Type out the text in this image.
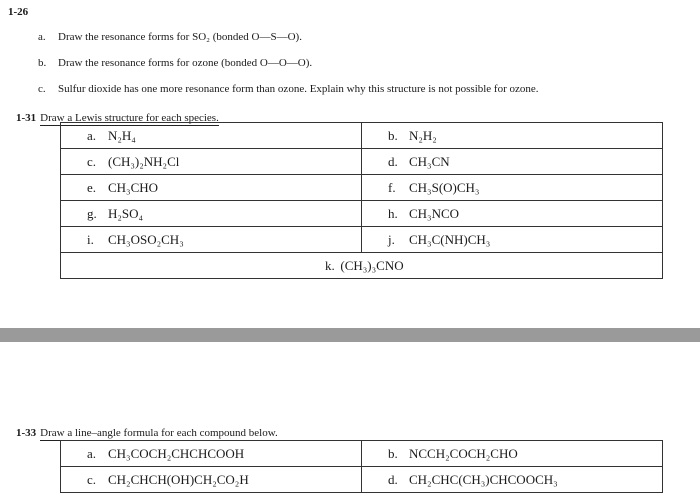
1-26
a. Draw the resonance forms for SO₂ (bonded O—S—O).
b. Draw the resonance forms for ozone (bonded O—O—O).
c. Sulfur dioxide has one more resonance form than ozone. Explain why this structure is not possible for ozone.
1-31 Draw a Lewis structure for each species.
a. N₂H₄	b. N₂H₂
c. (CH₃)₂NH₂Cl	d. CH₃CN
e. CH₃CHO	f. CH₃S(O)CH₃
g. H₂SO₄	h. CH₃NCO
i. CH₃OSO₂CH₃	j. CH₃C(NH)CH₃
k. (CH₃)₃CNO	
1-33 Draw a line–angle formula for each compound below.
a. CH₃COCH₂CHCHCOOH	b. NCCH₂COCH₂CHO
c. CH₂CHCH(OH)CH₂CO₂H	d. CH₂CHC(CH₃)CHCOOCH₃
